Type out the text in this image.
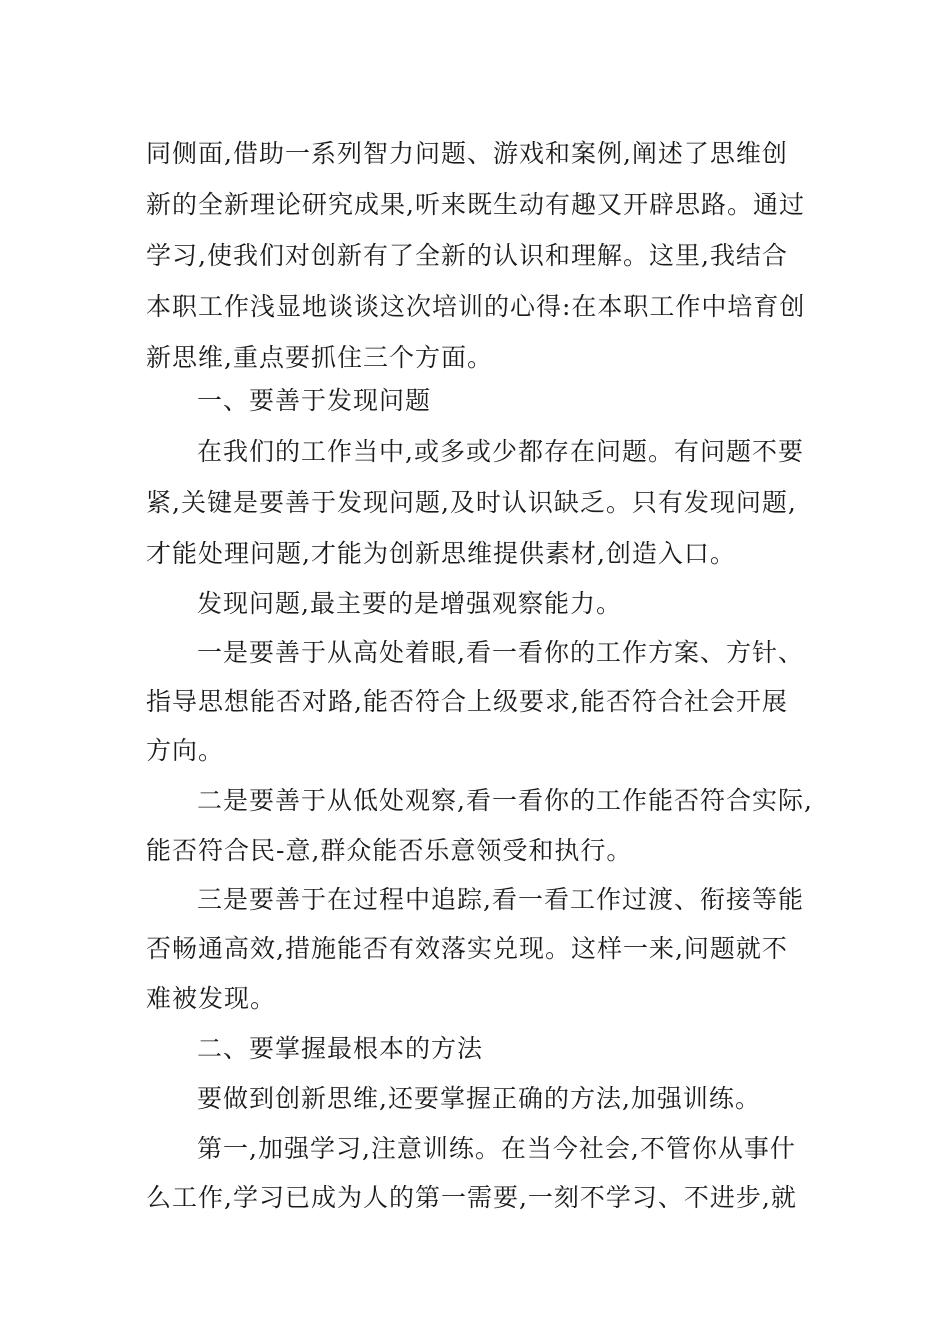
同侧面,借助一系列智力问题、游戏和案例,阐述了思维创
新的全新理论研究成果,听来既生动有趣又开辟思路。通过
学习,使我们对创新有了全新的认识和理解。这里,我结合
本职工作浅显地谈谈这次培训的心得:在本职工作中培育创
新思维,重点要抓住三个方面。
一、要善于发现问题
在我们的工作当中,或多或少都存在问题。有问题不要
紧,关键是要善于发现问题,及时认识缺乏。只有发现问题,
才能处理问题,才能为创新思维提供素材,创造入口。
发现问题,最主要的是增强观察能力。
一是要善于从高处着眼,看一看你的工作方案、方针、
指导思想能否对路,能否符合上级要求,能否符合社会开展
方向。
二是要善于从低处观察,看一看你的工作能否符合实际,
能否符合民-意,群众能否乐意领受和执行。
三是要善于在过程中追踪,看一看工作过渡、衔接等能
否畅通高效,措施能否有效落实兑现。这样一来,问题就不
难被发现。
二、要掌握最根本的方法
要做到创新思维,还要掌握正确的方法,加强训练。
第一,加强学习,注意训练。在当今社会,不管你从事什
么工作,学习已成为人的第一需要,一刻不学习、不进步,就
